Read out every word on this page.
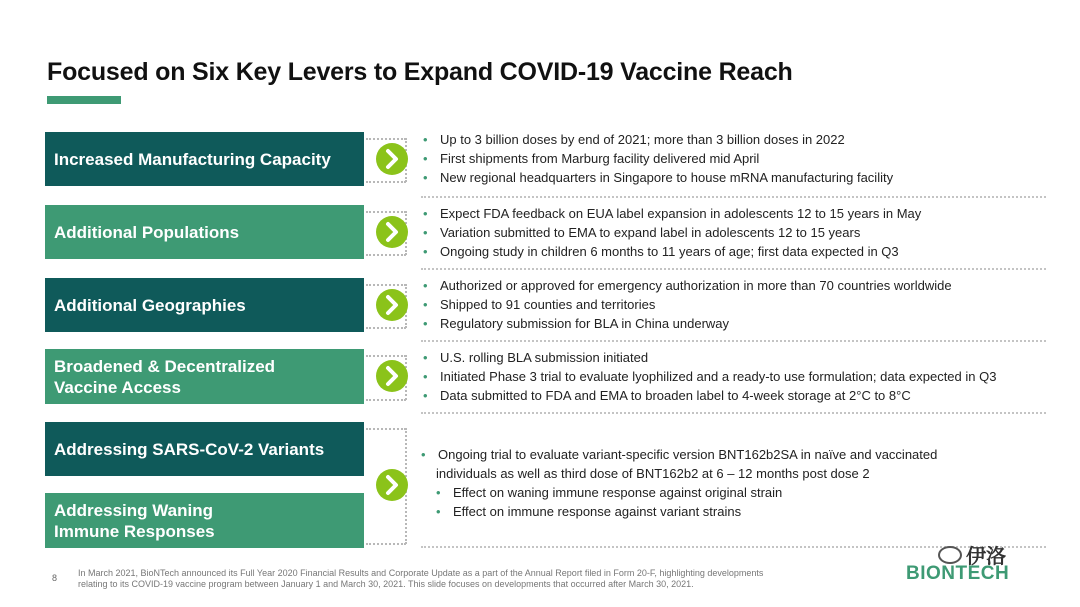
Focused on Six Key Levers to Expand COVID-19 Vaccine Reach
Increased Manufacturing Capacity
Additional Populations
Additional Geographies
Broadened & Decentralized Vaccine Access
Addressing SARS-CoV-2 Variants
Addressing Waning Immune Responses
• Up to 3 billion doses by end of 2021; more than 3 billion doses in 2022
• First shipments from Marburg facility delivered mid April
• New regional headquarters in Singapore to house mRNA manufacturing facility
• Expect FDA feedback on EUA label expansion in adolescents 12 to 15 years in May
• Variation submitted to EMA to expand label in adolescents 12 to 15 years
• Ongoing study in children 6 months to 11 years of age; first data expected in Q3
• Authorized or approved for emergency authorization in more than 70 countries worldwide
• Shipped to 91 counties and territories
• Regulatory submission for BLA in China underway
• U.S. rolling BLA submission initiated
• Initiated Phase 3 trial to evaluate lyophilized and a ready-to use formulation; data expected in Q3
• Data submitted to FDA and EMA to broaden label to 4-week storage at 2°C to 8°C
• Ongoing trial to evaluate variant-specific version BNT162b2SA in naïve and vaccinated
individuals as well as third dose of BNT162b2 at 6 – 12 months post dose 2
• Effect on waning immune response against original strain
• Effect on immune response against variant strains
8 In March 2021, BioNTech announced its Full Year 2020 Financial Results and Corporate Update as a part of the Annual Report filed in Form 20-F, highlighting developments
relating to its COVID-19 vaccine program between January 1 and March 30, 2021. This slide focuses on developments that occurred after March 30, 2021.	BIONTECH
伊洛
